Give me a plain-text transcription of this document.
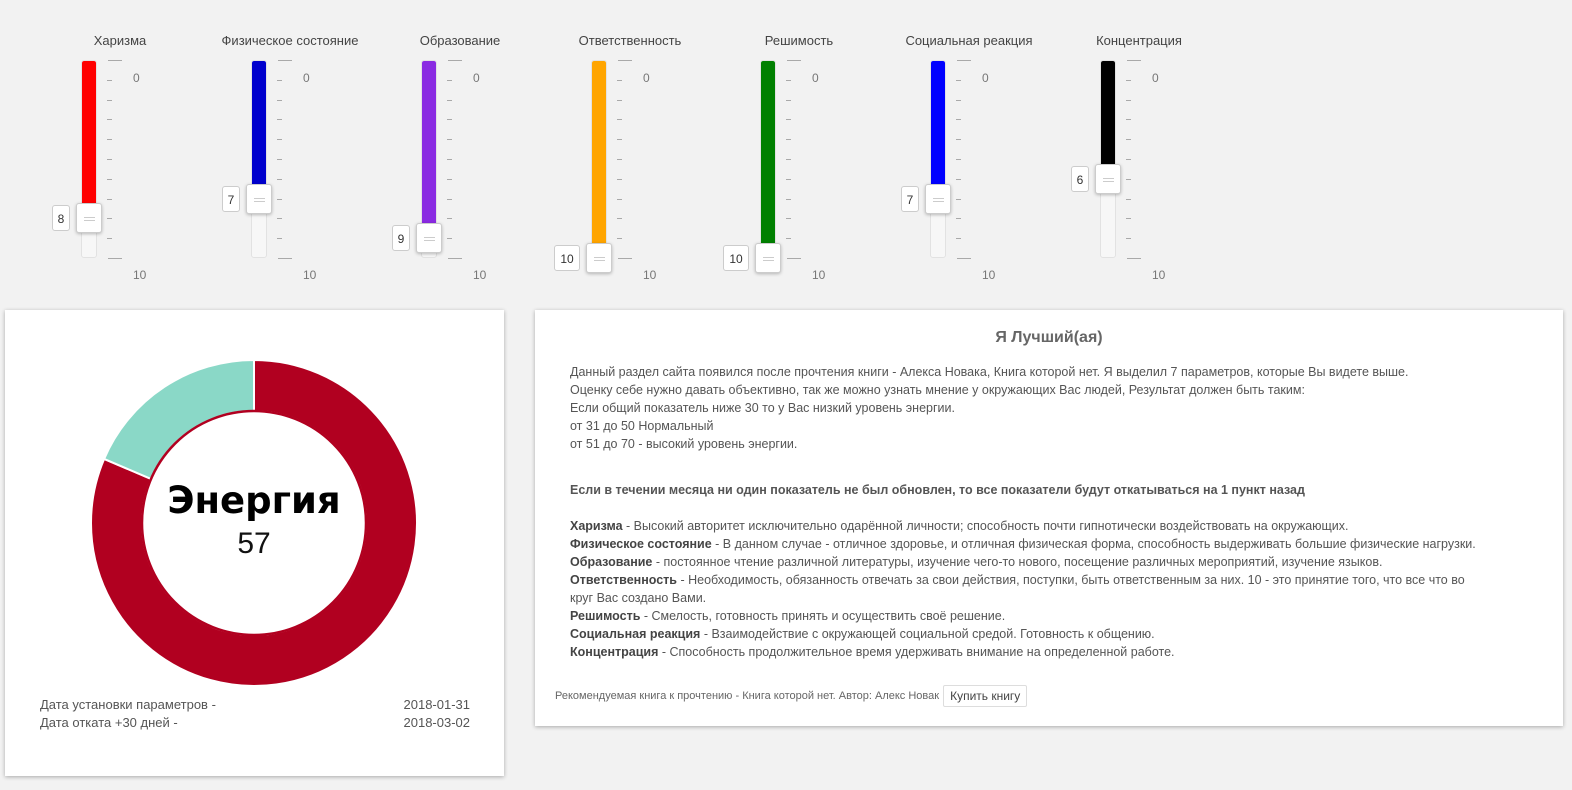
Харизма
0
10
8
Физическое состояние
0
10
7
Образование
0
10
9
Ответственность
0
10
10
Решимость
0
10
10
Социальная реакция
0
10
7
Концентрация
0
10
6
Энергия
57
Дата установки параметров -	2018-01-31
Дата отката +30 дней -	2018-03-02
Я Лучший(ая)
Данный раздел сайта появился после прочтения книги - Алекса Новака, Книга которой нет. Я выделил 7 параметров, которые Вы видете выше.
Оценку себе нужно давать объективно, так же можно узнать мнение у окружающих Вас людей, Результат должен быть таким:
Если общий показатель ниже 30 то у Вас низкий уровень энергии.
от 31 до 50 Нормальный
от 51 до 70 - высокий уровень энергии.
Если в течении месяца ни один показатель не был обновлен, то все показатели будут откатываться на 1 пункт назад
Харизма - Высокий авторитет исключительно одарённой личности; способность почти гипнотически воздействовать на окружающих.
Физическое состояние - В данном случае - отличное здоровье, и отличная физическая форма, способность выдерживать большие физические нагрузки.
Образование - постоянное чтение различной литературы, изучение чего-то нового, посещение различных мероприятий, изучение языков.
Ответственность - Необходимость, обязанность отвечать за свои действия, поступки, быть ответственным за них. 10 - это принятие того, что все что во
круг Вас создано Вами.
Решимость - Смелость, готовность принять и осуществить своё решение.
Социальная реакция - Взаимодействие с окружающей социальной средой. Готовность к общению.
Концентрация - Способность продолжительное время удерживать внимание на определенной работе.
Рекомендуемая книга к прочтению - Книга которой нет. Автор: Алекс Новак Купить книгу
